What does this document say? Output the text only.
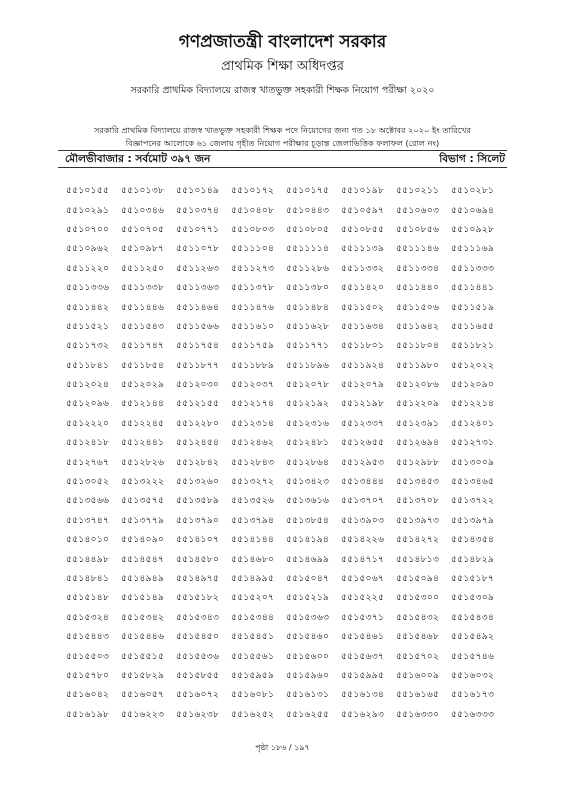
গণপ্রজাতন্ত্রী বাংলাদেশ সরকার
প্রাথমিক শিক্ষা অধিদপ্তর
সরকারি প্রাথমিক বিদ্যালয়ে রাজস্ব খাতভুক্ত সহকারী শিক্ষক নিয়োগ পরীক্ষা ২০২০
সরকারি প্রাথমিক বিদ্যালয়ে রাজস্ব খাতভুক্ত সহকারী শিক্ষক পদে নিয়োগের জন্য গত ১৮ অক্টোবর ২০২০ ইং তারিখের
বিজ্ঞাপনের আলোকে ৬১ জেলায় গৃহীত নিয়োগ পরীক্ষার চূড়ান্ত জেলাভিত্তিক ফলাফল (রোল নং)
মৌলভীবাজার : সর্বমোট ৩৯৭ জন	বিভাগ : সিলেট
৫৫১০১৫৫	৫৫১০১৩৮	৫৫১০১৪৯	৫৫১০১৭২	৫৫১০১৭৫	৫৫১০১৯৮	৫৫১০২১১	৫৫১০২৮১
৫৫১০২৯১	৫৫১০৩৪৬	৫৫১০৩৭৪	৫৫১০৪০৮	৫৫১০৪৪৩	৫৫১০৫৯৭	৫৫১০৬০৩	৫৫১০৬৯৪
৫৫১০৭০০	৫৫১০৭০৫	৫৫১০৭৭১	৫৫১০৮০৩	৫৫১০৮০৫	৫৫১০৮৫৫	৫৫১০৮৫৬	৫৫১০৯২৮
৫৫১০৯৬২	৫৫১০৯৮৭	৫৫১১০৭৮	৫৫১১১০৪	৫৫১১১১৪	৫৫১১১৩৯	৫৫১১১৪৬	৫৫১১১৬৯
৫৫১১২২০	৫৫১১২৫০	৫৫১১২৬৩	৫৫১১২৭৩	৫৫১১২৮৬	৫৫১১৩৩২	৫৫১১৩৩৪	৫৫১১৩৩৩
৫৫১১৩৩৬	৫৫১১৩৩৮	৫৫১১৩৬৩	৫৫১১৩৭৮	৫৫১১৩৮০	৫৫১১৪২০	৫৫১১৪৪০	৫৫১১৪৪১
৫৫১১৪৪২	৫৫১১৪৪৬	৫৫১১৪৬৪	৫৫১১৪৭৬	৫৫১১৪৮৪	৫৫১১৫০২	৫৫১১৫০৬	৫৫১১৫১৯
৫৫১১৫২১	৫৫১১৫৪৩	৫৫১১৫৬৬	৫৫১১৬১০	৫৫১১৬২৮	৫৫১১৬৩৪	৫৫১১৬৪২	৫৫১১৬৫৫
৫৫১১৭৩২	৫৫১১৭৪৭	৫৫১১৭৫৪	৫৫১১৭৫৯	৫৫১১৭৭১	৫৫১১৮০১	৫৫১১৮০৪	৫৫১১৮২১
৫৫১১৮৪১	৫৫১১৮৫৪	৫৫১১৮৭৭	৫৫১১৮৮৯	৫৫১১৮৯৬	৫৫১১৯২৪	৫৫১১৯৮০	৫৫১২০২২
৫৫১২০২৪	৫৫১২০২৯	৫৫১২০৩০	৫৫১২০৩৭	৫৫১২০৭৮	৫৫১২০৭৯	৫৫১২০৮৬	৫৫১২০৯০
৫৫১২০৯৬	৫৫১২১৪৪	৫৫১২১৫৫	৫৫১২১৭৪	৫৫১২১৯২	৫৫১২১৯৮	৫৫১২২০৯	৫৫১২২১৪
৫৫১২২২০	৫৫১২২৪৫	৫৫১২২৮০	৫৫১২৩১৪	৫৫১২৩১৬	৫৫১২৩৩৭	৫৫১২৩৯১	৫৫১২৪০১
৫৫১২৪১৮	৫৫১২৪৪১	৫৫১২৪৫৪	৫৫১২৪৬২	৫৫১২৪৮১	৫৫১২৬৫৫	৫৫১২৬৯৪	৫৫১২৭৩১
৫৫১২৭৬৭	৫৫১২৮২৬	৫৫১২৮৪২	৫৫১২৮৪৩	৫৫১২৮৬৪	৫৫১২৯৫৩	৫৫১২৯৮৮	৫৫১৩০০৯
৫৫১৩০৫২	৫৫১৩২২২	৫৫১৩২৬০	৫৫১৩২৭২	৫৫১৩৪২৩	৫৫১৩৪৪৪	৫৫১৩৪৫৩	৫৫১৩৪৬৫
৫৫১৩৫৬৬	৫৫১৩৫৭৫	৫৫১৩৫৮৯	৫৫১৩৫২৬	৫৫১৩৬১৬	৫৫১৩৭০৭	৫৫১৩৭০৮	৫৫১৩৭২২
৫৫১৩৭৪৭	৫৫১৩৭৭৯	৫৫১৩৭৯০	৫৫১৩৭৯৪	৫৫১৩৮৫৪	৫৫১৩৯০৩	৫৫১৩৯৭৩	৫৫১৩৯৭৯
৫৫১৪০১০	৫৫১৪০৯০	৫৫১৪১০৭	৫৫১৪১৪৪	৫৫১৪১৯৪	৫৫১৪২২৬	৫৫১৪২৭২	৫৫১৪৩৫৪
৫৫১৪৪৯৮	৫৫১৪৫৪৭	৫৫১৪৫৮০	৫৫১৪৬৮০	৫৫১৪৬৯৯	৫৫১৪৭১৭	৫৫১৪৮১৩	৫৫১৪৮২৯
৫৫১৪৮৪১	৫৫১৪৯৪৯	৫৫১৪৯৭৫	৫৫১৪৯৯৫	৫৫১৫০৪৭	৫৫১৫০৬৭	৫৫১৫০৯৪	৫৫১৫১৮৭
৫৫১৫১৪৮	৫৫১৫১৪৯	৫৫১৫১৮২	৫৫১৫২০৭	৫৫১৫২১৯	৫৫১৫২২৫	৫৫১৫৩০০	৫৫১৫৩০৯
৫৫১৫৩২৪	৫৫১৫৩৪২	৫৫১৫৩৪৩	৫৫১৫৩৪৪	৫৫১৫৩৬৩	৫৫১৫৩৭১	৫৫১৫৪৩২	৫৫১৫৪৩৪
৫৫১৫৪৪৩	৫৫১৫৪৪৬	৫৫১৫৪৫০	৫৫১৫৪৫১	৫৫১৫৪৬০	৫৫১৫৪৬১	৫৫১৫৪৬৮	৫৫১৫৪৯২
৫৫১৫৫০৩	৫৫১৫৫১৫	৫৫১৫৫৩৬	৫৫১৫৫৬১	৫৫১৫৬০০	৫৫১৫৬৩৭	৫৫১৫৭০২	৫৫১৫৭৪৬
৫৫১৫৭৮০	৫৫১৫৮২৯	৫৫১৫৮৫৫	৫৫১৫৯৫৯	৫৫১৫৯৬০	৫৫১৫৯৯৫	৫৫১৬০০৯	৫৫১৬০৩২
৫৫১৬০৪২	৫৫১৬০৫৭	৫৫১৬০৭২	৫৫১৬০৮১	৫৫১৬১৩১	৫৫১৬১৩৪	৫৫১৬১৬৫	৫৫১৬১৭৩
৫৫১৬১৯৮	৫৫১৬২২৩	৫৫১৬২৩৮	৫৫১৬২৫২	৫৫১৬২৫৫	৫৫১৬২৯৩	৫৫১৬৩৩০	৫৫১৬৩৩৩
পৃষ্ঠা ১৮৬ / ১৯৭
